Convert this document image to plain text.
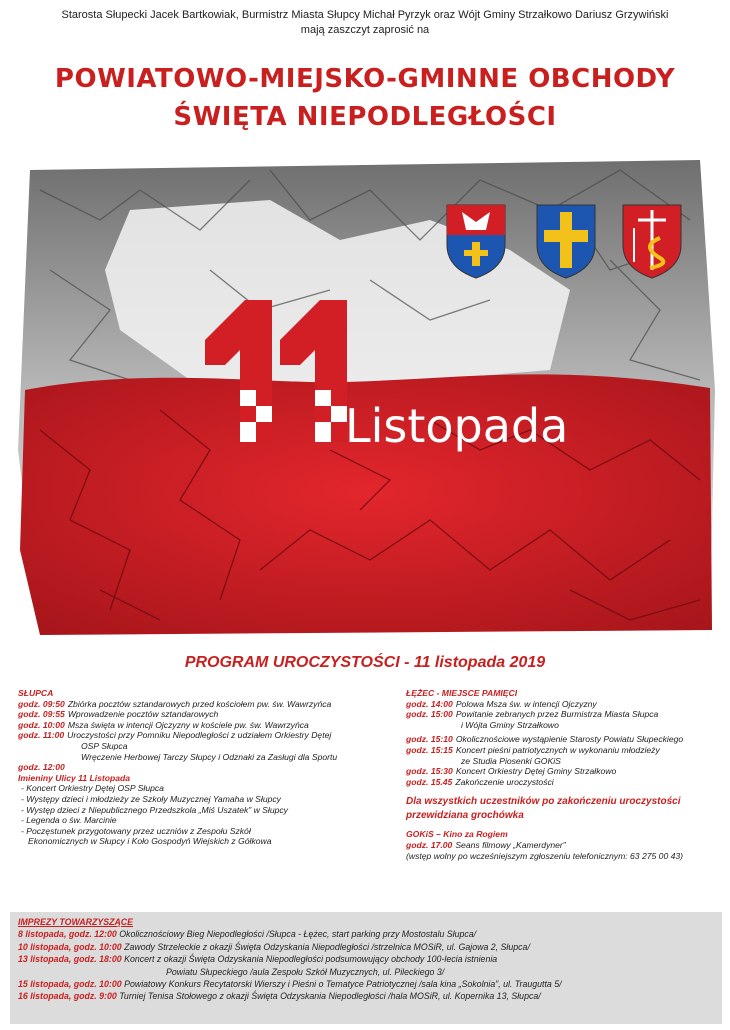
Starosta Słupecki Jacek Bartkowiak, Burmistrz Miasta Słupcy Michał Pyrzyk oraz Wójt Gminy Strzałkowo Dariusz Grzywiński
mają zaszczyt zaprosić na
POWIATOWO-MIEJSKO-GMINNE OBCHODY
ŚWIĘTA NIEPODLEGŁOŚCI
Listopada
PROGRAM UROCZYSTOŚCI - 11 listopada 2019
SŁUPCA
godz. 09:50 Zbiórka pocztów sztandarowych przed kościołem pw. św. Wawrzyńca
godz. 09:55 Wprowadzenie pocztów sztandarowych
godz. 10:00 Msza święta w intencji Ojczyzny w kościele pw. św. Wawrzyńca
godz. 11:00 Uroczystości przy Pomniku Niepodległości z udziałem Orkiestry Dętej
OSP Słupca
Wręczenie Herbowej Tarczy Słupcy i Odznaki za Zasługi dla Sportu
godz. 12:00
Imieniny Ulicy 11 Listopada
- Koncert Orkiestry Dętej OSP Słupca
- Występy dzieci i młodzieży ze Szkoły Muzycznej Yamaha w Słupcy
- Występ dzieci z Niepublicznego Przedszkola „Miś Uszatek” w Słupcy
- Legenda o św. Marcinie
- Poczęstunek przygotowany przez uczniów z Zespołu Szkół
Ekonomicznych w Słupcy i Koło Gospodyń Wiejskich z Gółkowa
ŁĘŻEC - MIEJSCE PAMIĘCI
godz. 14:00 Polowa Msza św. w intencji Ojczyzny
godz. 15:00 Powitanie zebranych przez Burmistrza Miasta Słupca
i Wójta Gminy Strzałkowo
godz. 15:10 Okolicznościowe wystąpienie Starosty Powiatu Słupeckiego
godz. 15:15 Koncert pieśni patriotycznych w wykonaniu młodzieży
ze Studia Piosenki GOKiS
godz. 15:30 Koncert Orkiestry Dętej Gminy Strzałkowo
godz. 15.45 Zakończenie uroczystości
Dla wszystkich uczestników po zakończeniu uroczystości
przewidziana grochówka
GOKiS – Kino za Rogiem
godz. 17.00 Seans filmowy „Kamerdyner”
(wstęp wolny po wcześniejszym zgłoszeniu telefonicznym: 63 275 00 43)
IMPREZY TOWARZYSZĄCE
8 listopada, godz. 12:00 Okolicznościowy Bieg Niepodległości /Słupca - Łężec, start parking przy Mostostalu Słupca/
10 listopada, godz. 10:00 Zawody Strzeleckie z okazji Święta Odzyskania Niepodległości /strzelnica MOSiR, ul. Gajowa 2, Słupca/
13 listopada, godz. 18:00 Koncert z okazji Święta Odzyskania Niepodległości podsumowujący obchody 100-lecia istnienia
Powiatu Słupeckiego /aula Zespołu Szkół Muzycznych, ul. Pileckiego 3/
15 listopada, godz. 10:00 Powiatowy Konkurs Recytatorski Wierszy i Pieśni o Tematyce Patriotycznej /sala kina „Sokolnia”, ul. Traugutta 5/
16 listopada, godz. 9:00 Turniej Tenisa Stołowego z okazji Święta Odzyskania Niepodległości /hala MOSiR, ul. Kopernika 13, Słupca/
